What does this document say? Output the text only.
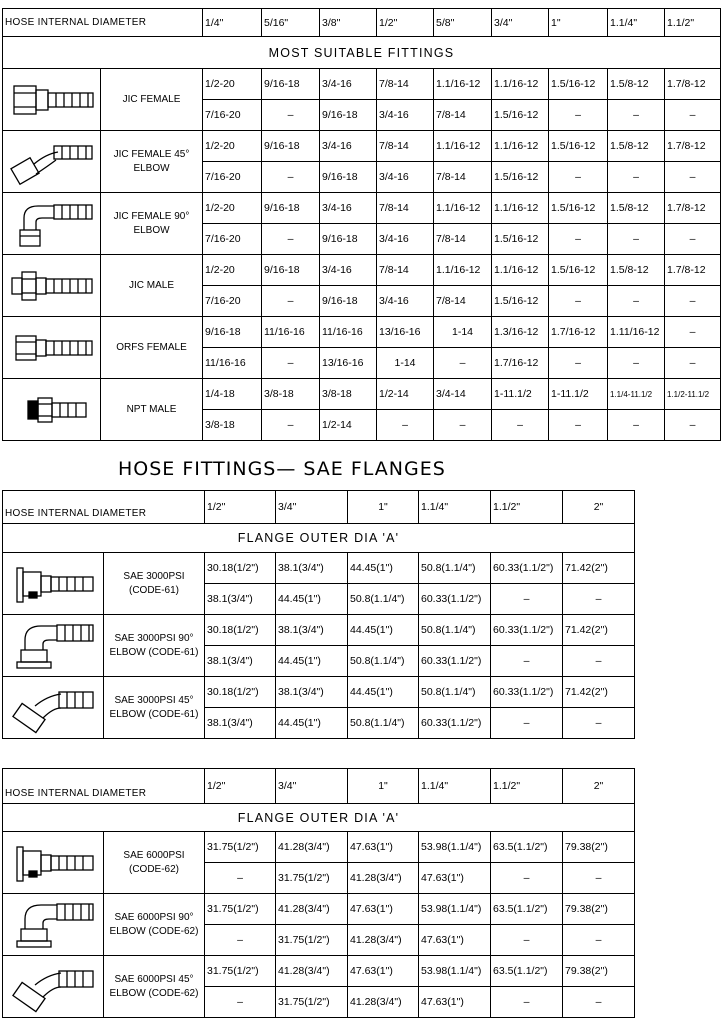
HOSE INTERNAL DIAMETER		1/4"	5/16"	3/8"	1/2"	5/8"	3/4"	1"	1.1/4"	1.1/2"
MOST SUITABLE FITTINGS										

	JIC FEMALE	1/2-20	9/16-18	3/4-16	7/8-14	1.1/16-12	1.1/16-12	1.5/16-12	1.5/8-12	1.7/8-12
		7/16-20	–	9/16-18	3/4-16	7/8-14	1.5/16-12	–	–	–

	JIC FEMALE 45° ELBOW	1/2-20	9/16-18	3/4-16	7/8-14	1.1/16-12	1.1/16-12	1.5/16-12	1.5/8-12	1.7/8-12
		7/16-20	–	9/16-18	3/4-16	7/8-14	1.5/16-12	–	–	–

	JIC FEMALE 90° ELBOW	1/2-20	9/16-18	3/4-16	7/8-14	1.1/16-12	1.1/16-12	1.5/16-12	1.5/8-12	1.7/8-12
		7/16-20	–	9/16-18	3/4-16	7/8-14	1.5/16-12	–	–	–

	JIC MALE	1/2-20	9/16-18	3/4-16	7/8-14	1.1/16-12	1.1/16-12	1.5/16-12	1.5/8-12	1.7/8-12
		7/16-20	–	9/16-18	3/4-16	7/8-14	1.5/16-12	–	–	–

	ORFS FEMALE	9/16-18	11/16-16	11/16-16	13/16-16	1-14	1.3/16-12	1.7/16-12	1.11/16-12	–
		11/16-16	–	13/16-16	1-14	–	1.7/16-12	–	–	–

	NPT MALE	1/4-18	3/8-18	3/8-18	1/2-14	3/4-14	1-11.1/2	1-11.1/2	1.1/4-11.1/2	1.1/2-11.1/2
		3/8-18	–	1/2-14	–	–	–	–	–	–
HOSE FITTINGS— SAE FLANGES
HOSE INTERNAL DIAMETER		1/2"	3/4"	1"	1.1/4"	1.1/2"	2"
FLANGE OUTER DIA 'A'							

	SAE 3000PSI (CODE-61)	30.18(1/2")	38.1(3/4")	44.45(1")	50.8(1.1/4")	60.33(1.1/2")	71.42(2")
		38.1(3/4")	44.45(1")	50.8(1.1/4")	60.33(1.1/2")	–	–

	SAE 3000PSI 90° ELBOW (CODE-61)	30.18(1/2")	38.1(3/4")	44.45(1")	50.8(1.1/4")	60.33(1.1/2")	71.42(2")
		38.1(3/4")	44.45(1")	50.8(1.1/4")	60.33(1.1/2")	–	–

	SAE 3000PSI 45° ELBOW (CODE-61)	30.18(1/2")	38.1(3/4")	44.45(1")	50.8(1.1/4")	60.33(1.1/2")	71.42(2")
		38.1(3/4")	44.45(1")	50.8(1.1/4")	60.33(1.1/2")	–	–
HOSE INTERNAL DIAMETER		1/2"	3/4"	1"	1.1/4"	1.1/2"	2"
FLANGE OUTER DIA 'A'							

	SAE 6000PSI (CODE-62)	31.75(1/2")	41.28(3/4")	47.63(1")	53.98(1.1/4")	63.5(1.1/2")	79.38(2")
		–	31.75(1/2")	41.28(3/4")	47.63(1")	–	–

	SAE 6000PSI 90° ELBOW (CODE-62)	31.75(1/2")	41.28(3/4")	47.63(1")	53.98(1.1/4")	63.5(1.1/2")	79.38(2")
		–	31.75(1/2")	41.28(3/4")	47.63(1")	–	–

	SAE 6000PSI 45° ELBOW (CODE-62)	31.75(1/2")	41.28(3/4")	47.63(1")	53.98(1.1/4")	63.5(1.1/2")	79.38(2")
		–	31.75(1/2")	41.28(3/4")	47.63(1")	–	–
